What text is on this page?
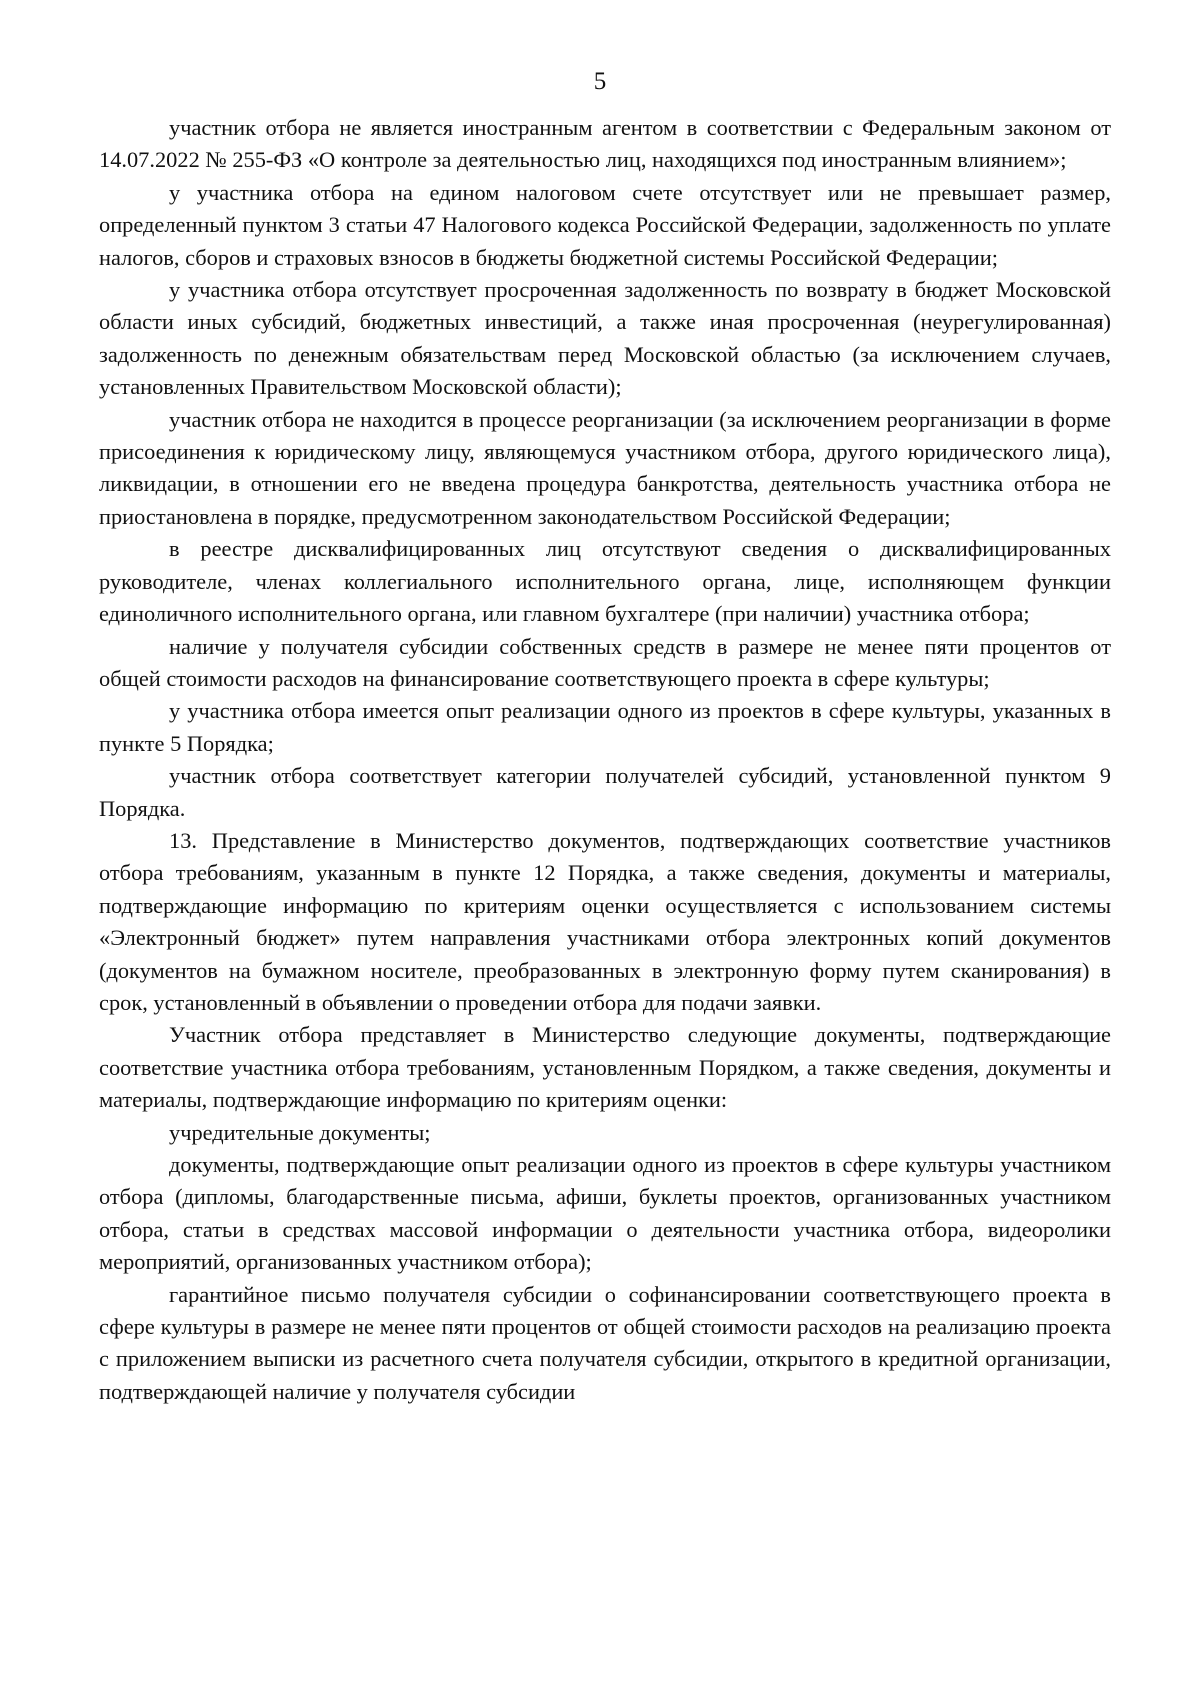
5

участник отбора не является иностранным агентом в соответствии с Федеральным законом от 14.07.2022 № 255-ФЗ «О контроле за деятельностью лиц, находящихся под иностранным влиянием»;

у участника отбора на едином налоговом счете отсутствует или не превышает размер, определенный пунктом 3 статьи 47 Налогового кодекса Российской Федерации, задолженность по уплате налогов, сборов и страховых взносов в бюджеты бюджетной системы Российской Федерации;

у участника отбора отсутствует просроченная задолженность по возврату в бюджет Московской области иных субсидий, бюджетных инвестиций, а также иная просроченная (неурегулированная) задолженность по денежным обязательствам перед Московской областью (за исключением случаев, установленных Правительством Московской области);

участник отбора не находится в процессе реорганизации (за исключением реорганизации в форме присоединения к юридическому лицу, являющемуся участником отбора, другого юридического лица), ликвидации, в отношении его не введена процедура банкротства, деятельность участника отбора не приостановлена в порядке, предусмотренном законодательством Российской Федерации;

в реестре дисквалифицированных лиц отсутствуют сведения о дисквалифицированных руководителе, членах коллегиального исполнительного органа, лице, исполняющем функции единоличного исполнительного органа, или главном бухгалтере (при наличии) участника отбора;

наличие у получателя субсидии собственных средств в размере не менее пяти процентов от общей стоимости расходов на финансирование соответствующего проекта в сфере культуры;

у участника отбора имеется опыт реализации одного из проектов в сфере культуры, указанных в пункте 5 Порядка;

участник отбора соответствует категории получателей субсидий, установленной пунктом 9 Порядка.

13. Представление в Министерство документов, подтверждающих соответствие участников отбора требованиям, указанным в пункте 12 Порядка, а также сведения, документы и материалы, подтверждающие информацию по критериям оценки осуществляется с использованием системы «Электронный бюджет» путем направления участниками отбора электронных копий документов (документов на бумажном носителе, преобразованных в электронную форму путем сканирования) в срок, установленный в объявлении о проведении отбора для подачи заявки.

Участник отбора представляет в Министерство следующие документы, подтверждающие соответствие участника отбора требованиям, установленным Порядком, а также сведения, документы и материалы, подтверждающие информацию по критериям оценки:

учредительные документы;

документы, подтверждающие опыт реализации одного из проектов в сфере культуры участником отбора (дипломы, благодарственные письма, афиши, буклеты проектов, организованных участником отбора, статьи в средствах массовой информации о деятельности участника отбора, видеоролики мероприятий, организованных участником отбора);

гарантийное письмо получателя субсидии о софинансировании соответствующего проекта в сфере культуры в размере не менее пяти процентов от общей стоимости расходов на реализацию проекта с приложением выписки из расчетного счета получателя субсидии, открытого в кредитной организации, подтверждающей наличие у получателя субсидии
